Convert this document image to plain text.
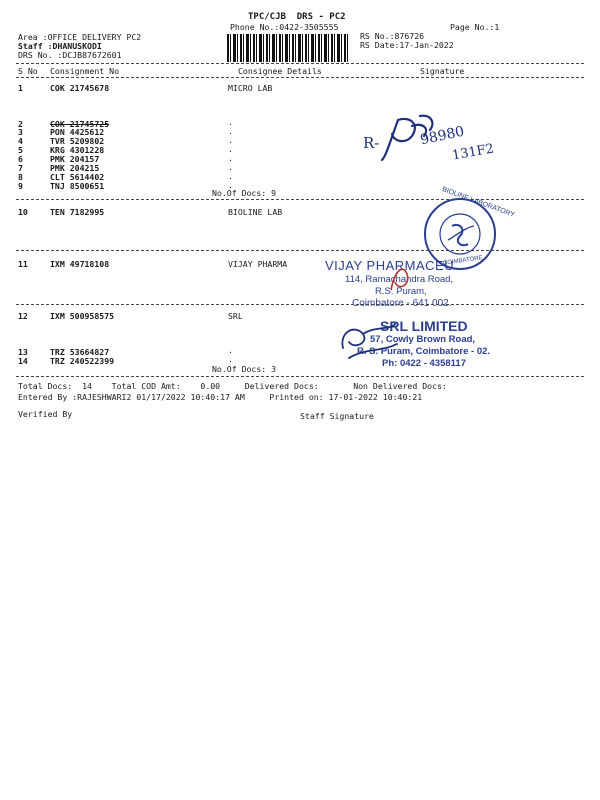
TPC/CJB  DRS - PC2
Phone No.:0422-3505555	Page No.:1
Area :OFFICE DELIVERY PC2
Staff :DHANUSKODI
DRS No. :DCJB87672601
RS No.:876726
RS Date:17-Jan-2022
S No Consignment No	Consignee Details	Signature
1	COK 21745678	MICRO LAB
2	COK 21745725
3	PON 4425612
4	TVR 5209802
5	KRG 4301228
6	PMK 204157
7	PMK 204215
8	CLT 5614402
9	TNJ 8500651
.
.
.
.
.
.
.
.
No.Of Docs: 9
R-	98980
131F2
10	TEN 7182995	BIOLINE LAB	BIOLINE LABORATORY
COIMBATORE
11	IXM 49718108	VIJAY PHARMA	VIJAY PHARMACEU
114, Ramachandra Road,
R.S. Puram,
Coimbatore - 641 002.
12	IXM 500958575	SRL
SRL LIMITED
57, Cowly Brown Road,
R. S. Puram, Coimbatore - 02.
Ph: 0422 - 4358117
13	TRZ 53664827
14	TRZ 240522399
.
.
No.Of Docs: 3
Total Docs:  14    Total COD Amt:    0.00     Delivered Docs:       Non Delivered Docs:
Entered By :RAJESHWARI2 01/17/2022 10:40:17 AM     Printed on: 17-01-2022 10:40:21
Verified By	Staff Signature
